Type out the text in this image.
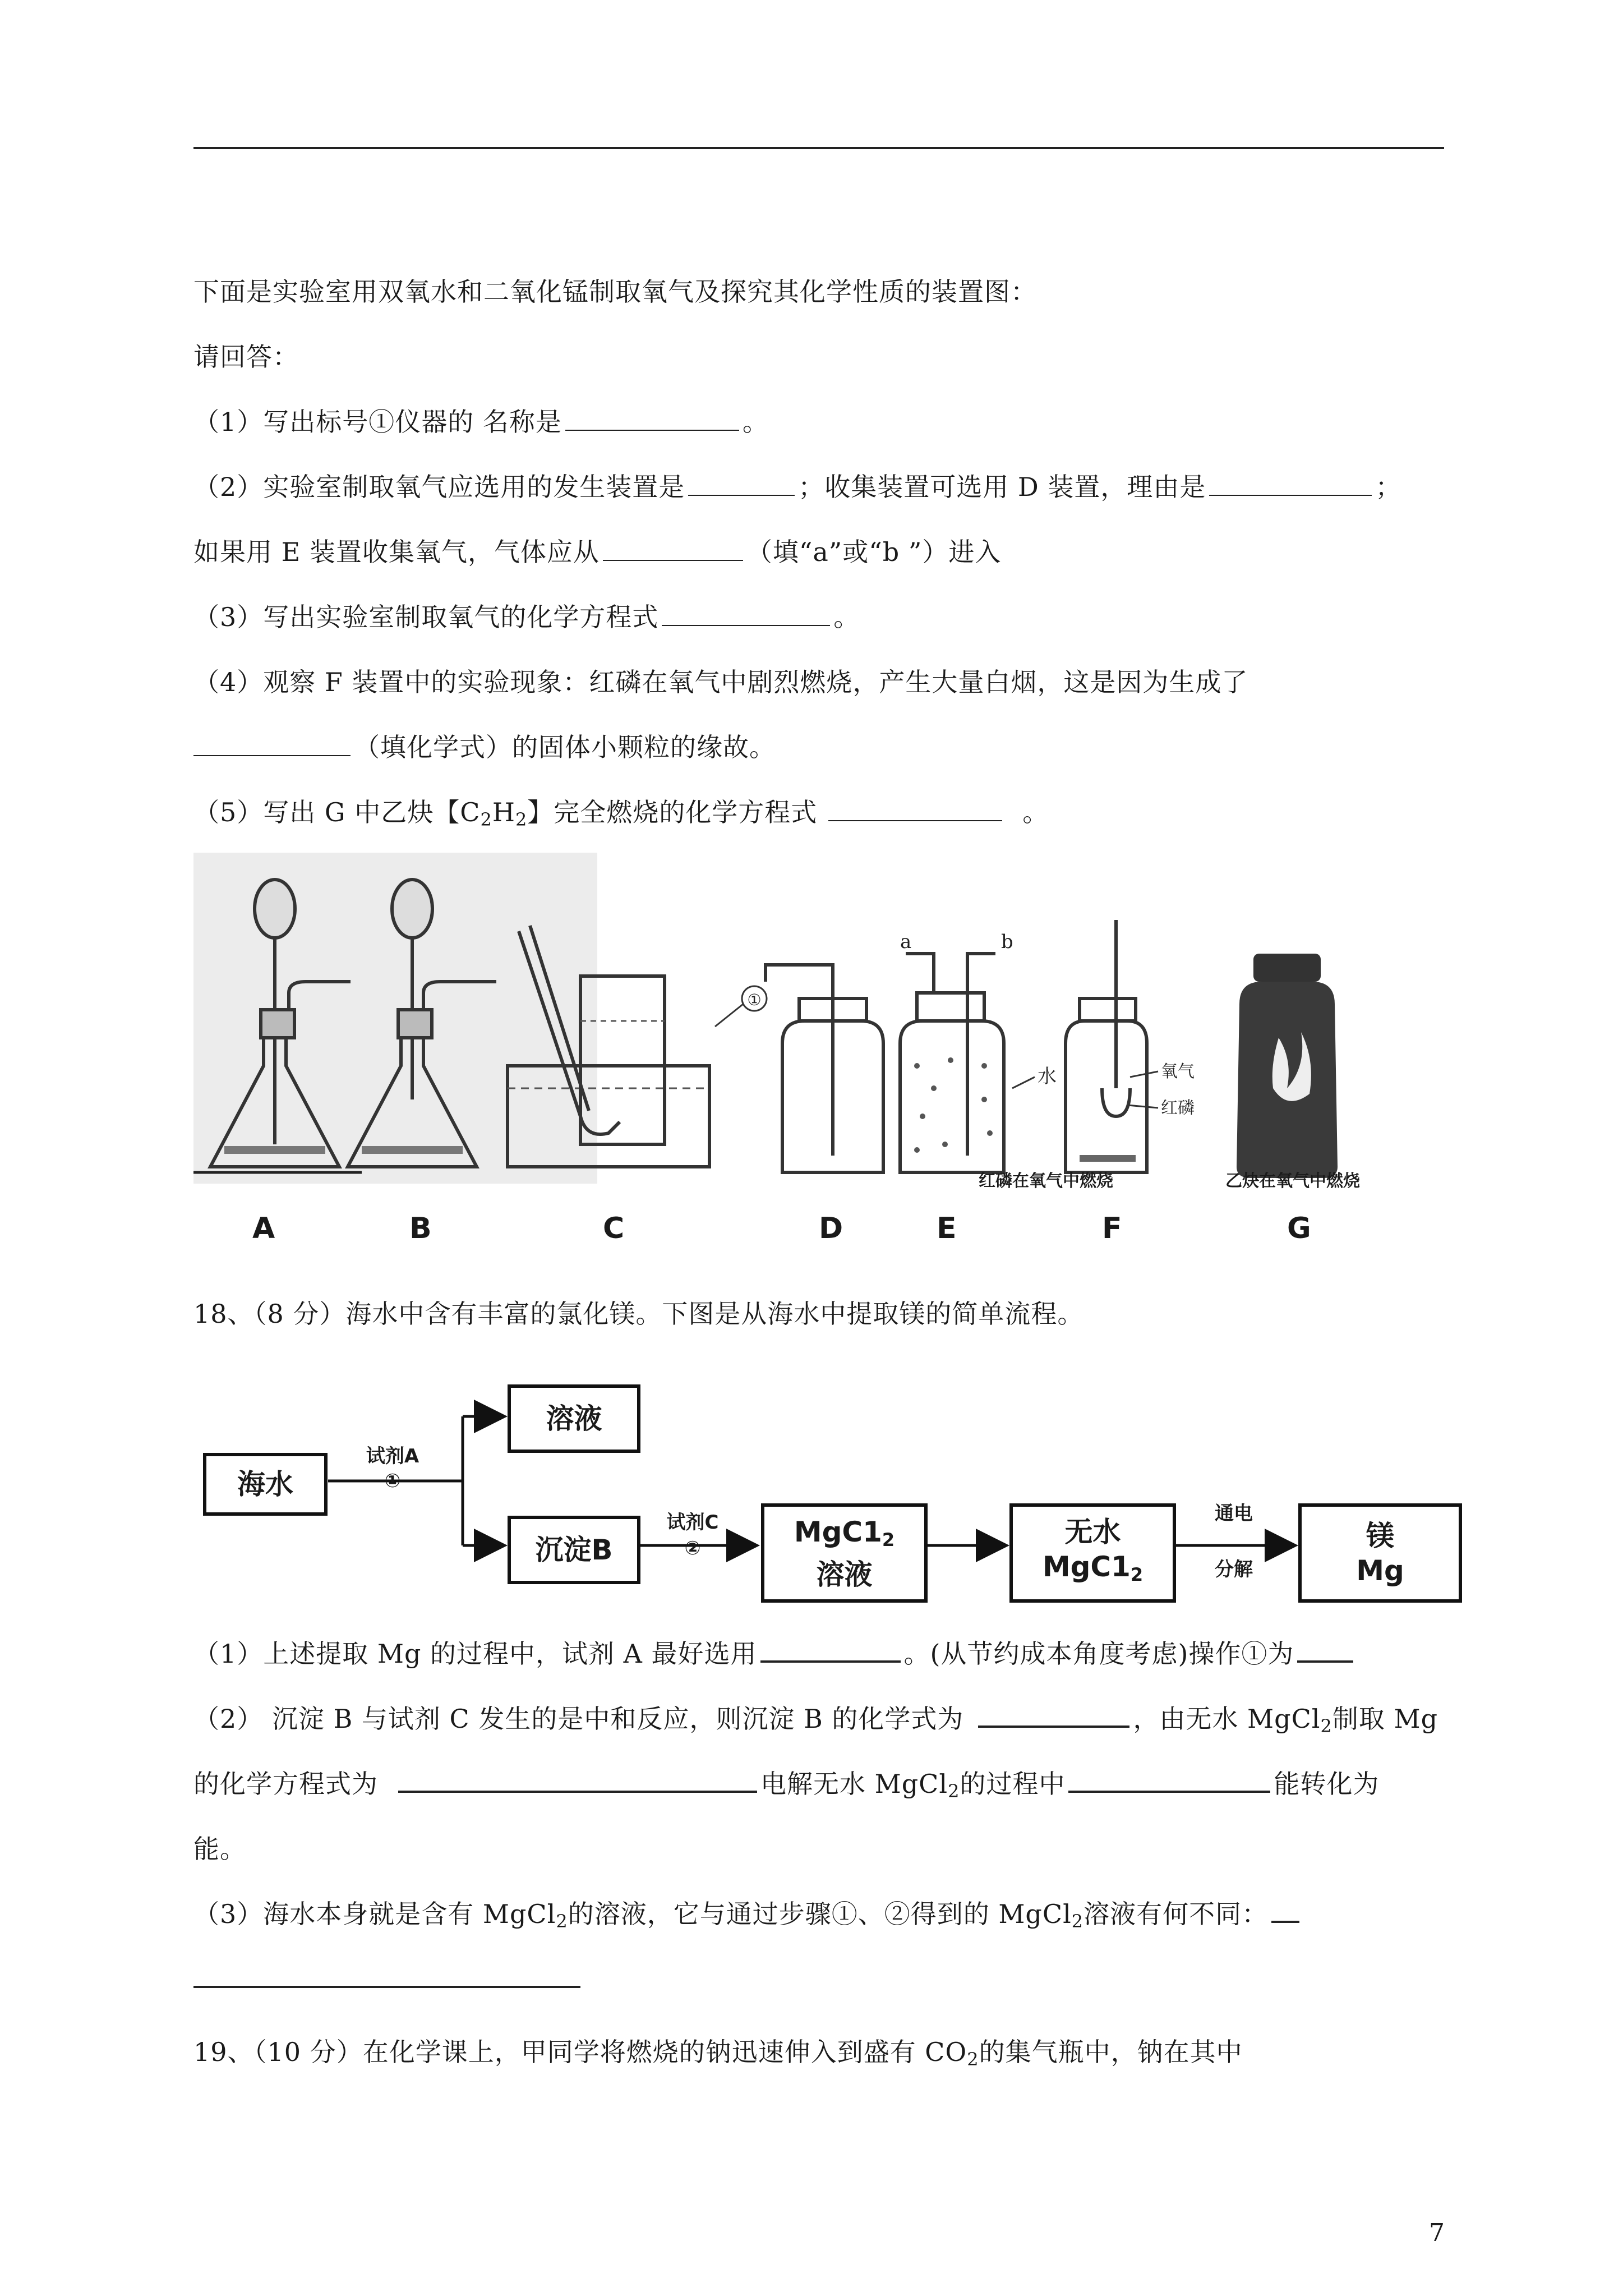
下面是实验室用双氧水和二氧化锰制取氧气及探究其化学性质的装置图：
请回答：
（1）写出标号①仪器的 名称是	。
（2）实验室制取氧气应选用的发生装置是	；收集装置可选用 D 装置，理由是	；
如果用 E 装置收集氧气，气体应从	（填“a”或“b ”）进入
（3）写出实验室制取氧气的化学方程式	。
（4）观察 F 装置中的实验现象：红磷在氧气中剧烈燃烧，产生大量白烟，这是因为生成了
（填化学式）的固体小颗粒的缘故。
（5）写出 G 中乙炔【$C_2H_2$】完全燃烧的化学方程式	。
①
a	b
水	氧气
红磷
红磷在氧气中燃烧	乙炔在氧气中燃烧
A	B	C	D	E	F	G
18、（8 分）海水中含有丰富的氯化镁。下图是从海水中提取镁的简单流程。
海水
试剂A
①
溶液
沉淀B
试剂C
②
$MgC1_2$
溶液
无水
$MgC1_2$
通电
分解
镁
Mg
（1）上述提取 Mg 的过程中，试剂 A 最好选用	。(从节约成本角度考虑)操作①为
（2） 沉淀 B 与试剂 C 发生的是中和反应，则沉淀 B 的化学式为	，由无水 MgCl$_2$制取 Mg
的化学方程式为	电解无水 MgCl$_2$的过程中	能转化为
能。
（3）海水本身就是含有 MgCl$_2$的溶液，它与通过步骤①、②得到的 MgCl$_2$溶液有何不同：
19、（10 分）在化学课上，甲同学将燃烧的钠迅速伸入到盛有 $CO_2$的集气瓶中，钠在其中
7
